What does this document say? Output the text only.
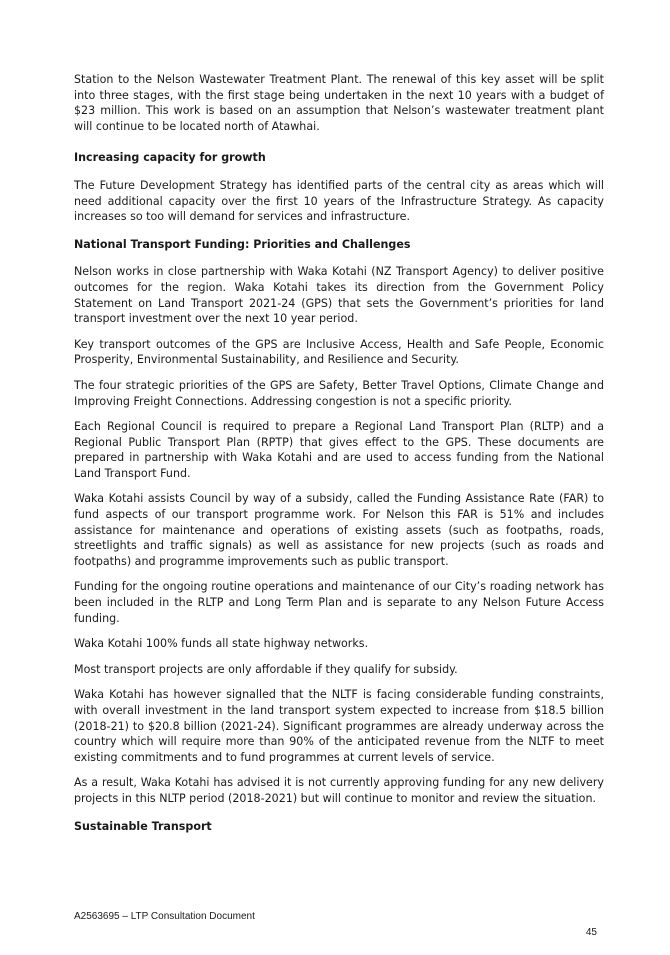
Station to the Nelson Wastewater Treatment Plant. The renewal of this key asset will be split into three stages, with the first stage being undertaken in the next 10 years with a budget of $23 million. This work is based on an assumption that Nelson’s wastewater treatment plant will continue to be located north of Atawhai.

Increasing capacity for growth

The Future Development Strategy has identified parts of the central city as areas which will need additional capacity over the first 10 years of the Infrastructure Strategy. As capacity increases so too will demand for services and infrastructure.

National Transport Funding: Priorities and Challenges

Nelson works in close partnership with Waka Kotahi (NZ Transport Agency) to deliver positive outcomes for the region. Waka Kotahi takes its direction from the Government Policy Statement on Land Transport 2021-24 (GPS) that sets the Government’s priorities for land transport investment over the next 10 year period.

Key transport outcomes of the GPS are Inclusive Access, Health and Safe People, Economic Prosperity, Environmental Sustainability, and Resilience and Security.

The four strategic priorities of the GPS are Safety, Better Travel Options, Climate Change and Improving Freight Connections. Addressing congestion is not a specific priority.

Each Regional Council is required to prepare a Regional Land Transport Plan (RLTP) and a Regional Public Transport Plan (RPTP) that gives effect to the GPS. These documents are prepared in partnership with Waka Kotahi and are used to access funding from the National Land Transport Fund.

Waka Kotahi assists Council by way of a subsidy, called the Funding Assistance Rate (FAR) to fund aspects of our transport programme work. For Nelson this FAR is 51% and includes assistance for maintenance and operations of existing assets (such as footpaths, roads, streetlights and traffic signals) as well as assistance for new projects (such as roads and footpaths) and programme improvements such as public transport.

Funding for the ongoing routine operations and maintenance of our City’s roading network has been included in the RLTP and Long Term Plan and is separate to any Nelson Future Access funding.

Waka Kotahi 100% funds all state highway networks.

Most transport projects are only affordable if they qualify for subsidy.

Waka Kotahi has however signalled that the NLTF is facing considerable funding constraints, with overall investment in the land transport system expected to increase from $18.5 billion (2018-21) to $20.8 billion (2021-24). Significant programmes are already underway across the country which will require more than 90% of the anticipated revenue from the NLTF to meet existing commitments and to fund programmes at current levels of service.

As a result, Waka Kotahi has advised it is not currently approving funding for any new delivery projects in this NLTP period (2018-2021) but will continue to monitor and review the situation.

Sustainable Transport
A2563695 – LTP Consultation Document
45
